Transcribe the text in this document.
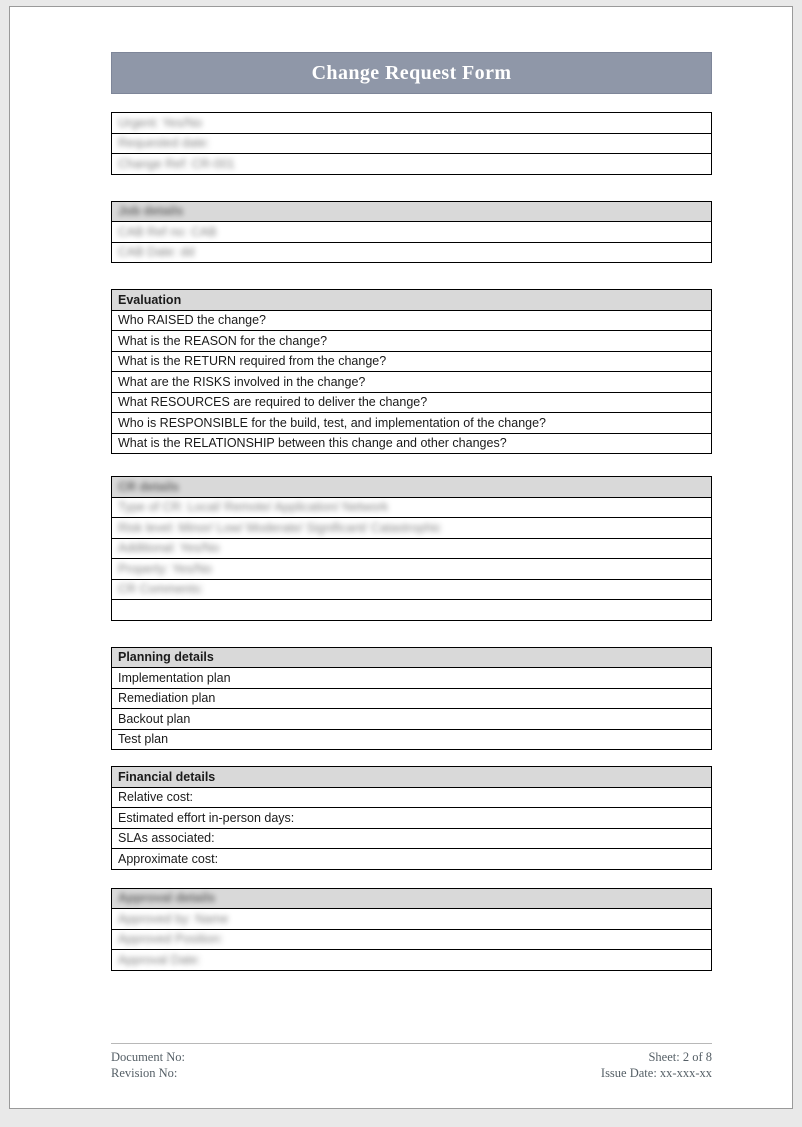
Change Request Form
Urgent: Yes/No
Requested date:
Change Ref: CR-001
Job details
CAB Ref no: CAB
CAB Date: dd
Evaluation
Who RAISED the change?
What is the REASON for the change?
What is the RETURN required from the change?
What are the RISKS involved in the change?
What RESOURCES are required to deliver the change?
Who is RESPONSIBLE for the build, test, and implementation of the change?
What is the RELATIONSHIP between this change and other changes?
CR details
Type of CR: Local/ Remote/ Application/ Network
Risk level: Minor/ Low/ Moderate/ Significant/ Catastrophic
Additional: Yes/No
Property: Yes/No
CR Comments:

Planning details
Implementation plan
Remediation plan
Backout plan
Test plan
Financial details
Relative cost:
Estimated effort in-person days:
SLAs associated:
Approximate cost:
Approval details
Approved by: Name
Approved Position:
Approval Date:
Document No:
Revision No:
Sheet: 2 of 8
Issue Date: xx-xxx-xx
